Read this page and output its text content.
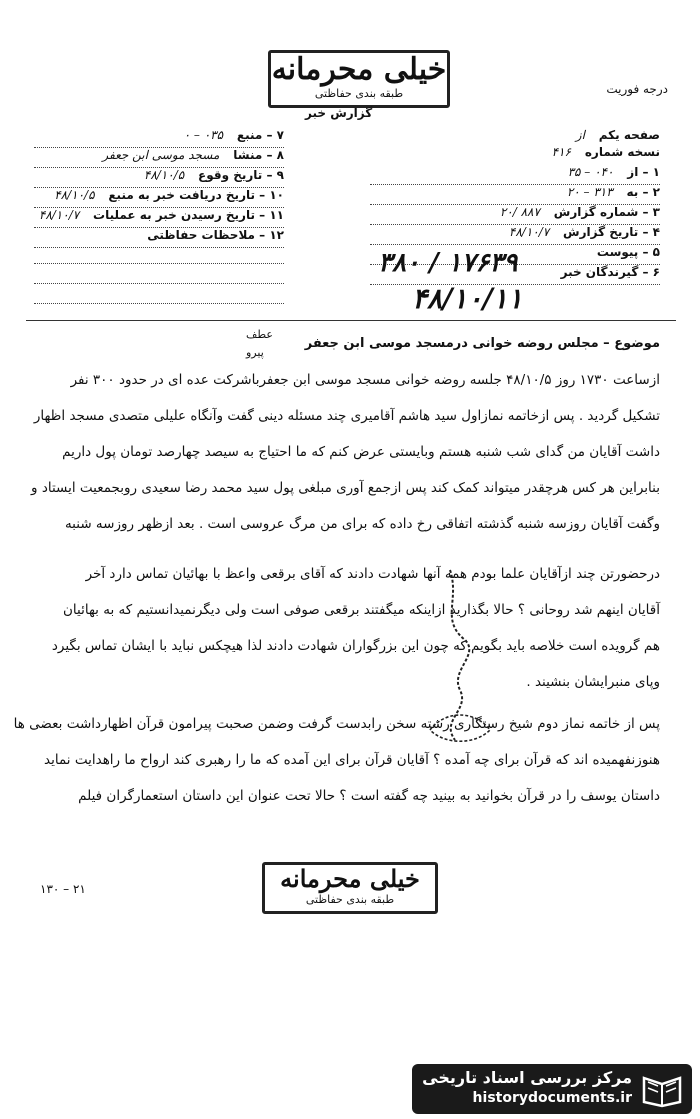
خیلی محرمانه
طبقه بندی حفاظتی
گزارش خبر
درجه فوریت
صفحه یکم از
نسخه شماره ۴۱۶
۱ – از ۰۴۰ – ۳۵
۲ – به ۳۱۳ – ۲۰
۳ – شماره گزارش ۸۸۷ /۲۰
۴ – تاریخ گزارش ۴۸/۱۰/۷
۵ – پیوست
۶ – گیرندگان خبر
۷ – منبع ۰۳۵ – ۰
۸ – منشا مسجد موسی ابن جعفر
۹ – تاریخ وقوع ۴۸/۱۰/۵
۱۰ – تاریخ دریافت خبر به منبع ۴۸/۱۰/۵
۱۱ – تاریخ رسیدن خبر به عملیات ۴۸/۱۰/۷
۱۲ – ملاحظات حفاظتی
۱۷۶۳۹ / ۳۸۰
۴۸/۱۰/۱۱
عطف
پیرو
موضوع – مجلس روضه خوانی درمسجد موسی ابن جعفر
ازساعت ۱۷۳۰ روز ۴۸/۱۰/۵ جلسه روضه خوانی مسجد موسی ابن جعفرباشرکت عده ای در حدود ۳۰۰ نفر
تشکیل گردید . پس ازخاتمه نمازاول سید هاشم آقامیری چند مسئله دینی گفت وآنگاه علیلی متصدی مسجد اظهار
داشت آقایان من گدای شب شنبه هستم وبایستی عرض کنم که ما احتیاج به سیصد چهارصد تومان پول داریم
بنابراین هر کس هرچقدر میتواند کمک کند پس ازجمع آوری مبلغی پول سید محمد رضا سعیدی روبجمعیت ایستاد و
وگفت آقایان روزسه شنبه گذشته اتفاقی رخ داده که برای من مرگ عروسی است . بعد ازظهر روزسه شنبه
درحضورتن چند ازآقایان علما بودم همه آنها شهادت دادند که آقای برقعی واعظ با بهائیان تماس دارد آخر
آقایان اینهم شد روحانی ؟ حالا بگذارید ازاینکه میگفتند برقعی صوفی است ولی دیگرنمیدانستیم که به بهائیان
هم گرویده است خلاصه باید بگویم که چون این بزرگواران شهادت دادند لذا هیچکس نباید با ایشان تماس بگیرد
وپای منبرایشان بنشیند .
پس از خاتمه نماز دوم شیخ رستگاری رشته سخن رابدست گرفت وضمن صحبت پیرامون قرآن اظهارداشت بعضی ها
هنوزنفهمیده اند که قرآن برای چه آمده ؟ آقایان قرآن برای این آمده که ما را رهبری کند ارواح ما راهدایت نماید
داستان یوسف را در قرآن بخوانید به بینید چه گفته است ؟ حالا تحت عنوان این داستان استعمارگران فیلم
خیلی محرمانه
طبقه بندی حفاظتی
۲۱ – ۱۳۰
مرکز بررسی اسناد تاریخی
historydocuments.ir
